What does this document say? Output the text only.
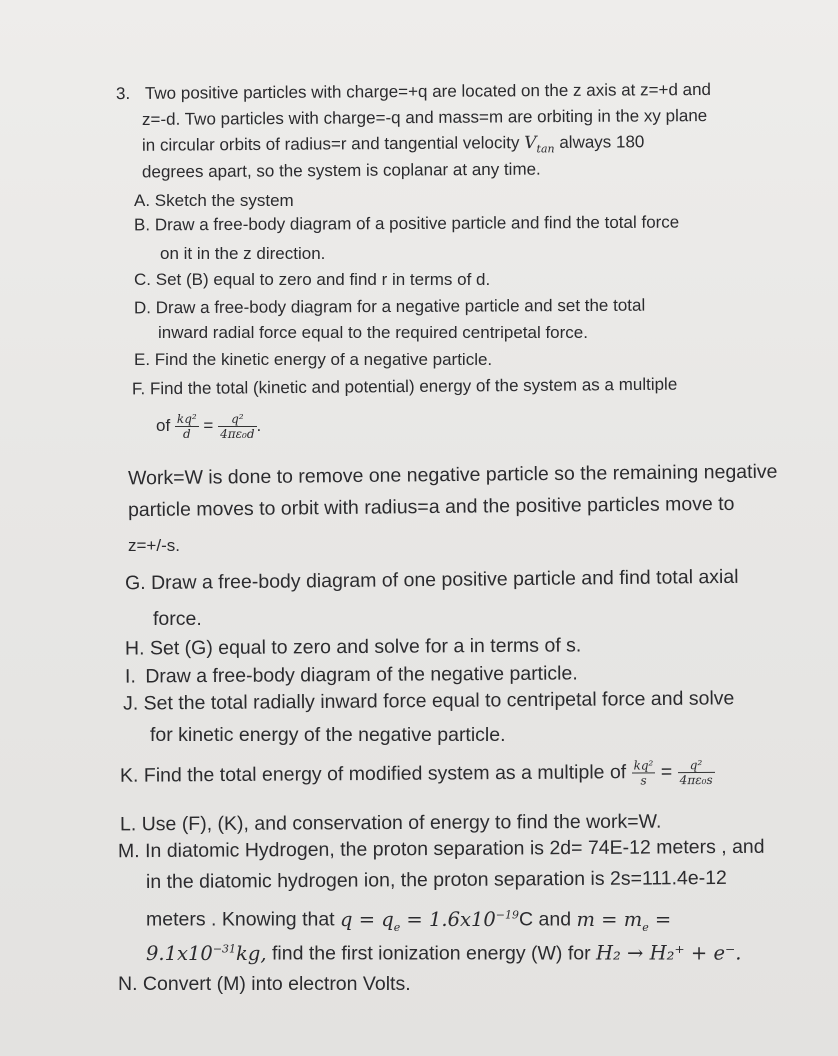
3. Two positive particles with charge=+q are located on the z axis at z=+d and
z=-d. Two particles with charge=-q and mass=m are orbiting in the xy plane
in circular orbits of radius=r and tangential velocity $V_{tan}$ always 180
degrees apart, so the system is coplanar at any time.
A. Sketch the system
B. Draw a free-body diagram of a positive particle and find the total force
on it in the z direction.
C. Set (B) equal to zero and find r in terms of d.
D. Draw a free-body diagram for a negative particle and set the total
inward radial force equal to the required centripetal force.
E. Find the kinetic energy of a negative particle.
F. Find the total (kinetic and potential) energy of the system as a multiple
of $\frac{\text{kq²}}{d} = \frac{\text{q²}}{\text{4πε₀d}}$ .
Work=W is done to remove one negative particle so the remaining negative
particle moves to orbit with radius=a and the positive particles move to
z=+/-s.
G. Draw a free-body diagram of one positive particle and find total axial
force.
H. Set (G) equal to zero and solve for a in terms of s.
I. Draw a free-body diagram of the negative particle.
J. Set the total radially inward force equal to centripetal force and solve
for kinetic energy of the negative particle.
K. Find the total energy of modified system as a multiple of $\frac{\text{kq²}}{s} = \frac{\text{q²}}{\text{4πε₀s}}$
L. Use (F), (K), and conservation of energy to find the work=W.
M. In diatomic Hydrogen, the proton separation is 2d= 74E-12 meters , and
in the diatomic hydrogen ion, the proton separation is 2s=111.4e-12
meters . Knowing that $q = q_e = 1.6x10^{-19}C$ and $m = m_e$ =
$9.1x10^{-31}kg$, find the first ionization energy (W) for H₂ → H₂⁺ + e⁻.
N. Convert (M) into electron Volts.
